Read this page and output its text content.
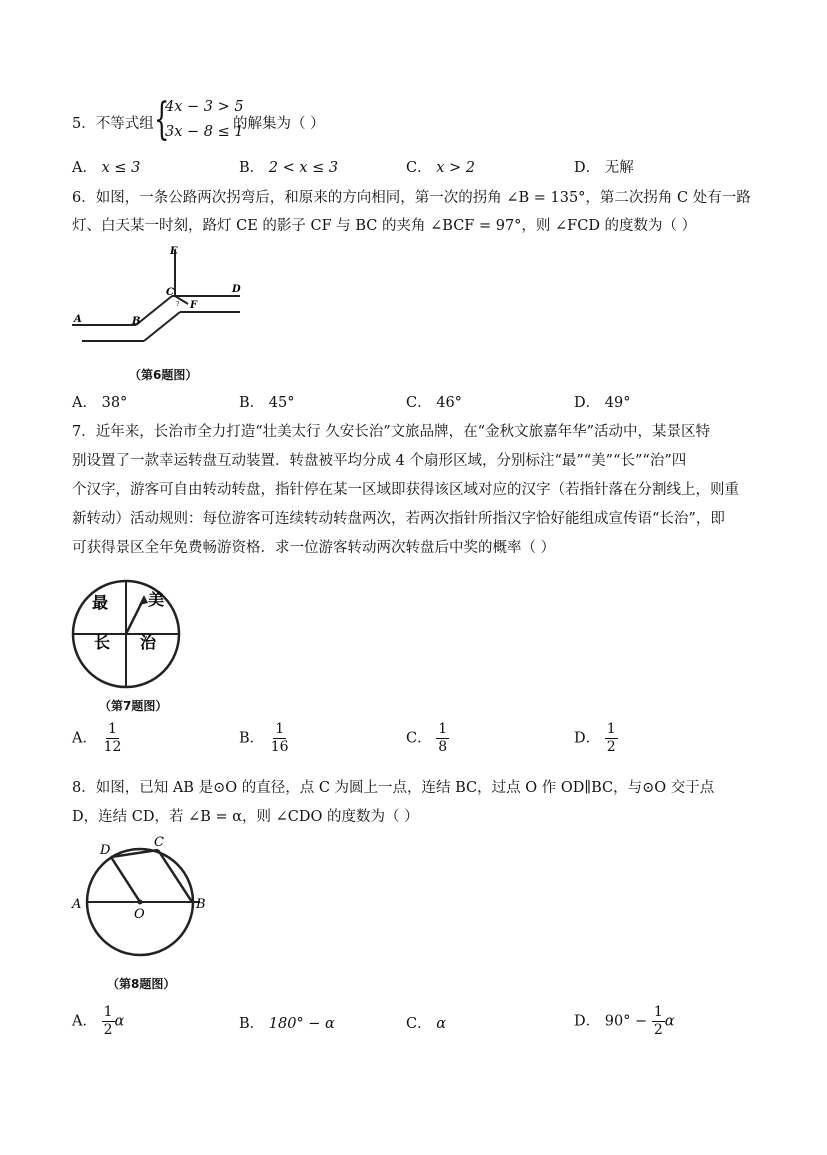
5．不等式组 {
4x − 3 > 5
3x − 8 ≤ 1
的解集为（ ）
A． x ≤ 3	B． 2 < x ≤ 3	C． x > 2	D． 无解
6．如图，一条公路两次拐弯后，和原来的方向相同，第一次的拐角 ∠B = 135°，第二次拐角 C 处有一路
灯、白天某一时刻，路灯 CE 的影子 CF 与 BC 的夹角 ∠BCF = 97°，则 ∠FCD 的度数为（ ）
E
C
F
D
A	B
?
（第6题图）
A． 38°	B． 45°	C． 46°	D． 49°
7．近年来，长治市全力打造“壮美太行 久安长治”文旅品牌，在“金秋文旅嘉年华”活动中，某景区特
别设置了一款幸运转盘互动装置．转盘被平均分成 4 个扇形区域，分别标注“最”“美”“长”“治”四
个汉字，游客可自由转动转盘，指针停在某一区域即获得该区域对应的汉字（若指针落在分割线上，则重
新转动）活动规则：每位游客可连续转动转盘两次，若两次指针所指汉字恰好能组成宣传语“长治”，即
可获得景区全年免费畅游资格．求一位游客转动两次转盘后中奖的概率（ ）
最 美
长 治
（第7题图）
A． $\frac{1}{12}$	B． $\frac{1}{16}$	C． $\frac{1}{8}$	D． $\frac{1}{2}$
8．如图，已知 AB 是⊙O 的直径，点 C 为圆上一点，连结 BC，过点 O 作 OD∥BC，与⊙O 交于点
D，连结 CD，若 ∠B = α，则 ∠CDO 的度数为（ ）
D
C
A	B
O
（第8题图）
A． $\frac{1}{2}$ α	B． 180° − α	C． α	D． $90^\circ - \frac{1}{2}$ α
